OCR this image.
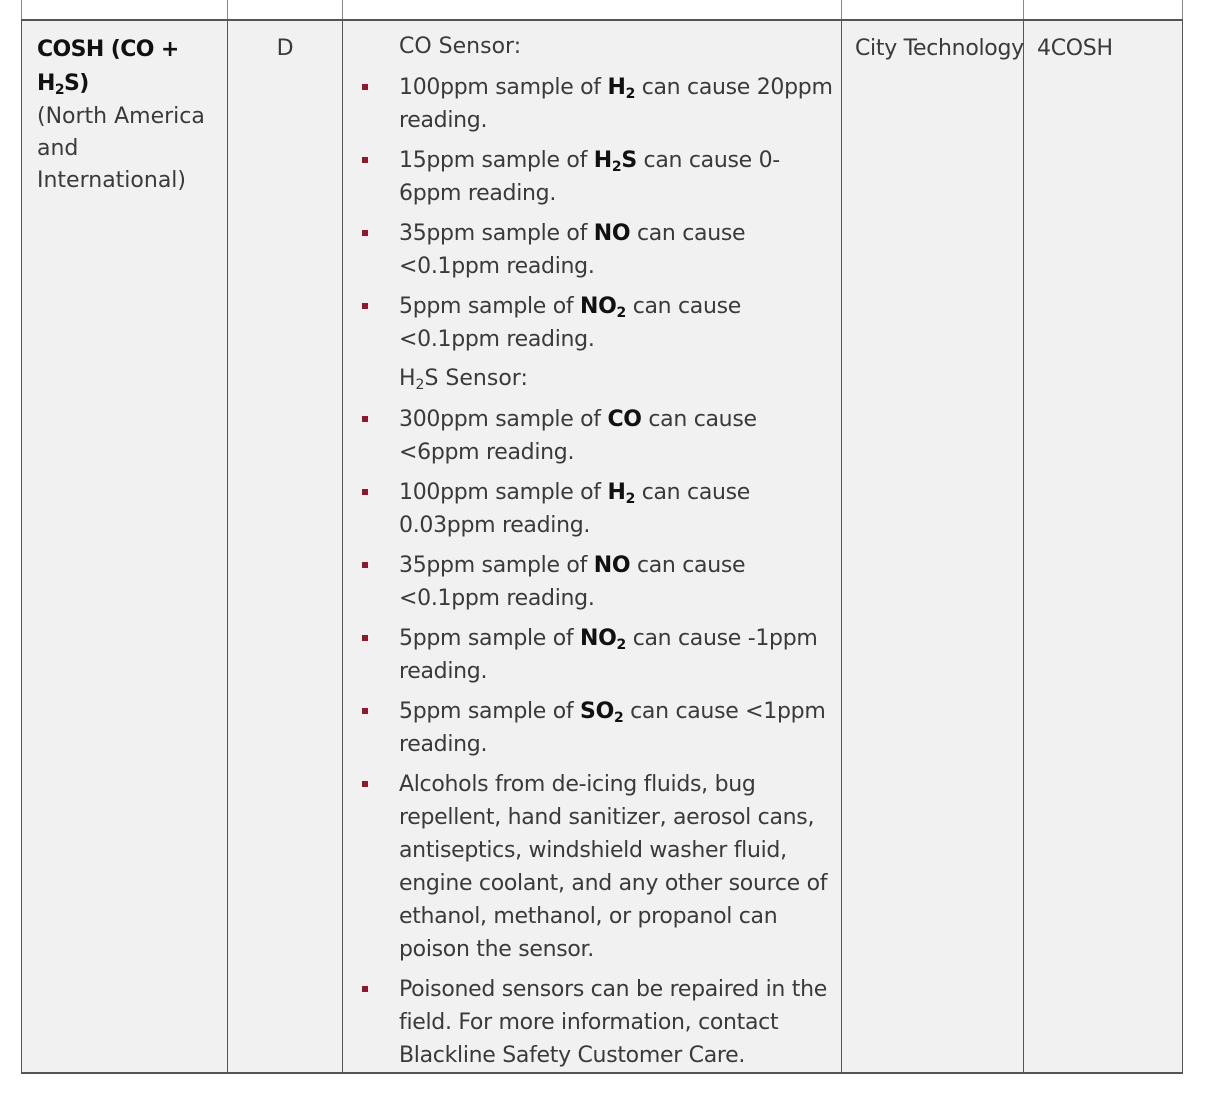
COSH $(CO + H_2S)$
(North America and International)
D	CO Sensor:
100ppm sample of $H_2$ can cause 20ppm reading.
15ppm sample of $H_2S$ can cause 0-6ppm reading.
35ppm sample of NO can cause <0.1ppm reading.
5ppm sample of $NO_2$ can cause <0.1ppm reading.
$H_2S$ Sensor:
300ppm sample of CO can cause <6ppm reading.
100ppm sample of $H_2$ can cause 0.03ppm reading.
35ppm sample of NO can cause <0.1ppm reading.
5ppm sample of $NO_2$ can cause -1ppm reading.
5ppm sample of $SO_2$ can cause <1ppm reading.
Alcohols from de-icing fluids, bug repellent, hand sanitizer, aerosol cans, antiseptics, windshield washer fluid, engine coolant, and any other source of ethanol, methanol, or propanol can poison the sensor.
Poisoned sensors can be repaired in the field. For more information, contact Blackline Safety Customer Care.
City Technology 4COSH
